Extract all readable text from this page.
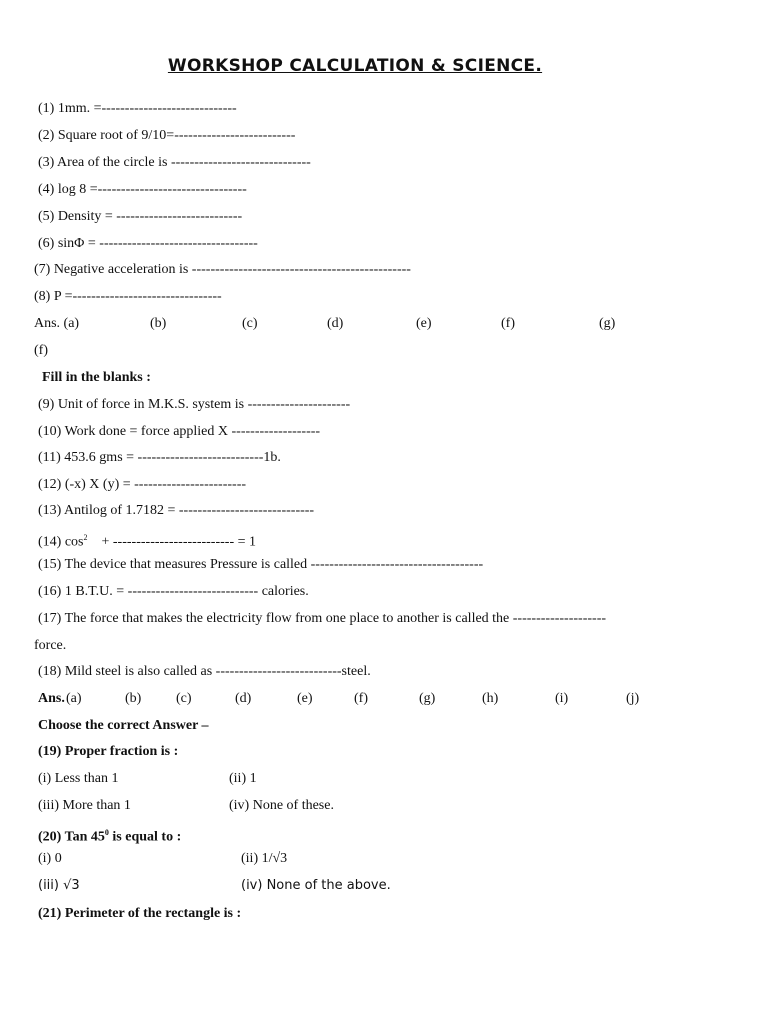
WORKSHOP CALCULATION & SCIENCE.
(1) 1mm. =-----------------------------
(2) Square root of 9/10=--------------------------
(3) Area of the circle is ------------------------------
(4) log 8 =--------------------------------
(5) Density = ---------------------------
(6) sinΦ = ----------------------------------
(7) Negative acceleration is -----------------------------------------------
(8) P =--------------------------------
Ans. (a)	(b)	(c)	(d)	(e)	(f)	(g)
(f)
Fill in the blanks :
(9) Unit of force in M.K.S. system is ----------------------
(10) Work done = force applied X -------------------
(11) 453.6 gms = ---------------------------1b.
(12) (-x) X (y) = ------------------------
(13) Antilog of 1.7182 = -----------------------------
(14) $\cos^2$    + -------------------------- = 1
(15) The device that measures Pressure is called -------------------------------------
(16) 1 B.T.U. = ---------------------------- calories.
(17) The force that makes the electricity flow from one place to another is called the --------------------
force.
(18) Mild steel is also called as ---------------------------steel.
Ans. (a)	(b) (c)	(d)	(e)	(f)	(g)	(h)	(i)	(j)
Choose the correct Answer –
(19) Proper fraction is :
(i) Less than 1	(ii) 1
(iii) More than 1	(iv) None of these.
(20) Tan $45^0$ is equal to :
(i) 0	(ii) 1/√3
(iii) √3	(iv) None of the above.
(21) Perimeter of the rectangle is :
